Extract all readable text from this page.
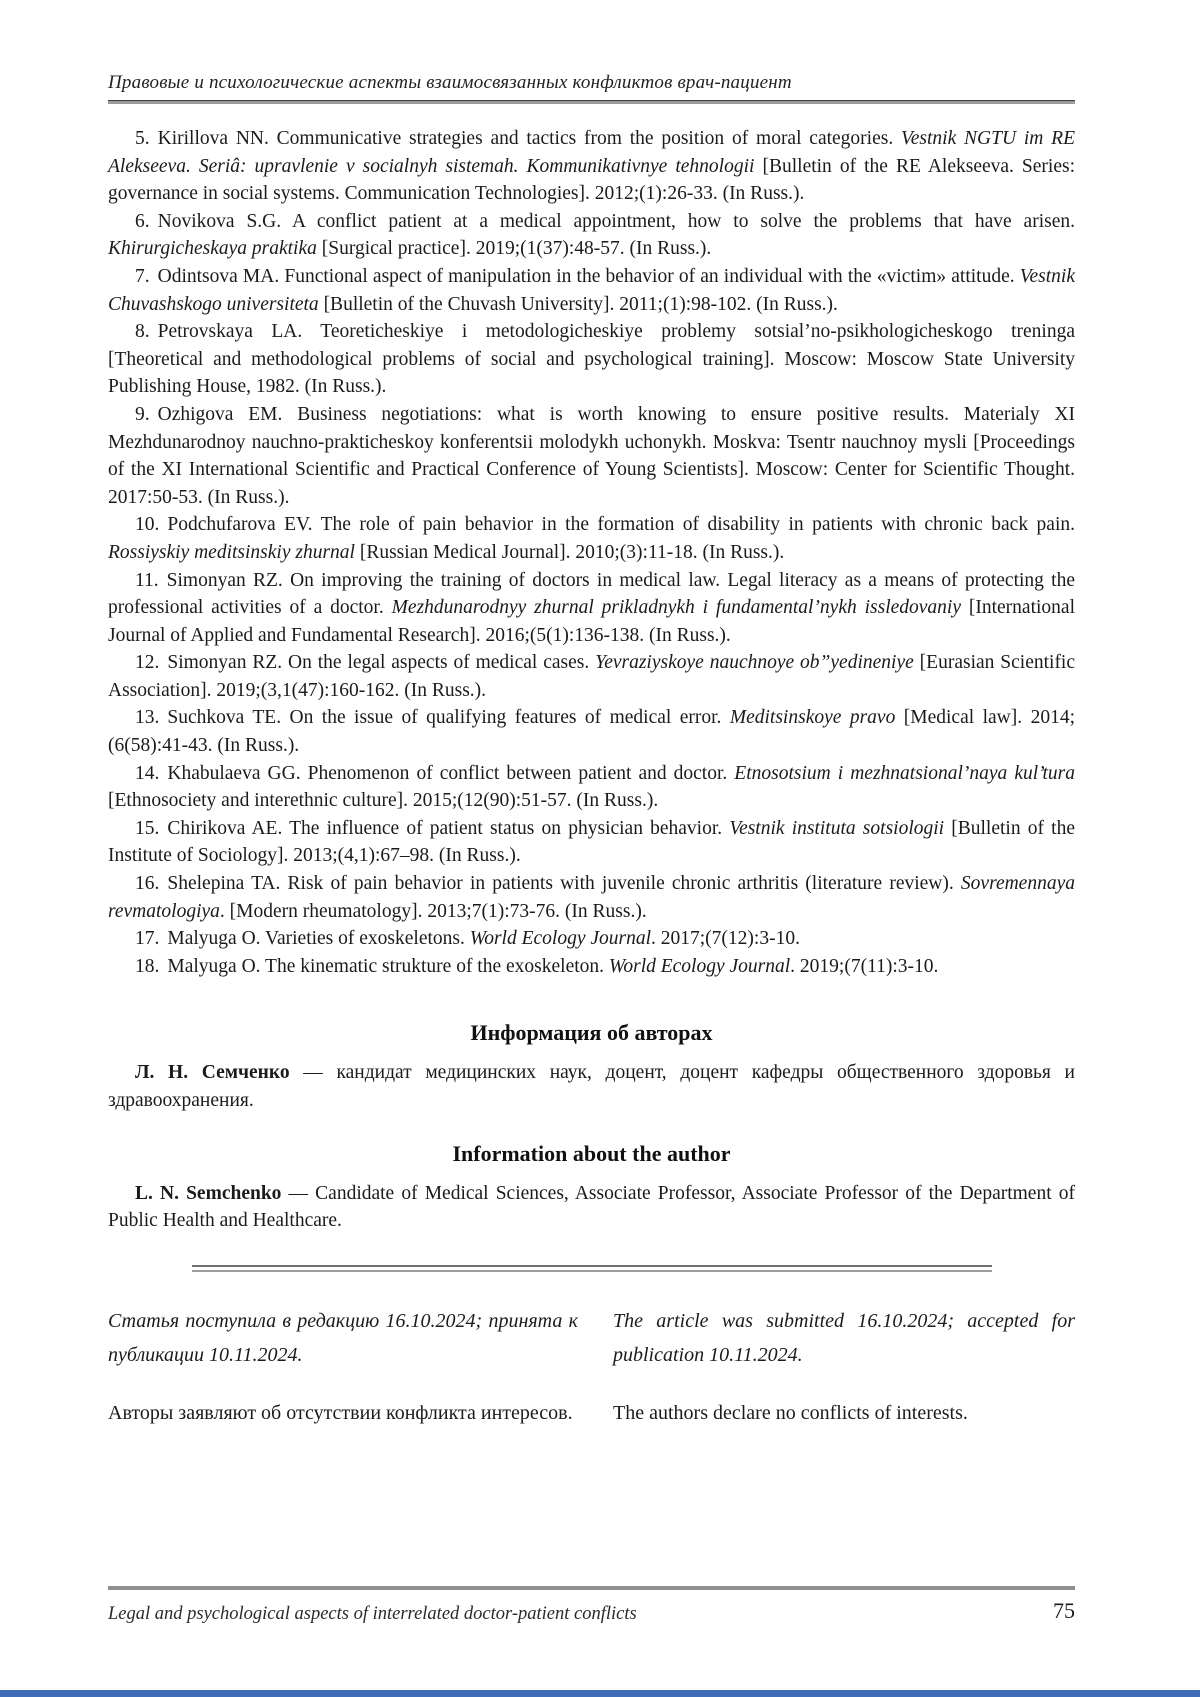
Правовые и психологические аспекты взаимосвязанных конфликтов врач-пациент

5. Kirillova NN. Communicative strategies and tactics from the position of moral categories. Vestnik NGTU im RE Alekseeva. Seriâ: upravlenie v socialnyh sistemah. Kommunikativnye tehnologii [Bulletin of the RE Alekseeva. Series: governance in social systems. Communication Technologies]. 2012;(1):26-33. (In Russ.).

6. Novikova S.G. A conflict patient at a medical appointment, how to solve the problems that have arisen. Khirurgicheskaya praktika [Surgical practice]. 2019;(1(37):48-57. (In Russ.).

7. Odintsova MA. Functional aspect of manipulation in the behavior of an individual with the «victim» attitude. Vestnik Chuvashskogo universiteta [Bulletin of the Chuvash University]. 2011;(1):98-102. (In Russ.).

8. Petrovskaya LA. Teoreticheskiye i metodologicheskiye problemy sotsial’no-psikhologicheskogo treninga [Theoretical and methodological problems of social and psychological training]. Moscow: Moscow State University Publishing House, 1982. (In Russ.).

9. Ozhigova EM. Business negotiations: what is worth knowing to ensure positive results. Materialy XI Mezhdunarodnoy nauchno-prakticheskoy konferentsii molodykh uchonykh. Moskva: Tsentr nauchnoy mysli [Proceedings of the XI International Scientific and Practical Conference of Young Scientists]. Moscow: Center for Scientific Thought. 2017:50-53. (In Russ.).

10. Podchufarova EV. The role of pain behavior in the formation of disability in patients with chronic back pain. Rossiyskiy meditsinskiy zhurnal [Russian Medical Journal]. 2010;(3):11-18. (In Russ.).

11. Simonyan RZ. On improving the training of doctors in medical law. Legal literacy as a means of protecting the professional activities of a doctor. Mezhdunarodnyy zhurnal prikladnykh i fundamental’nykh issledovaniy [International Journal of Applied and Fundamental Research]. 2016;(5(1):136-138. (In Russ.).

12. Simonyan RZ. On the legal aspects of medical cases. Yevraziyskoye nauchnoye ob”yedineniye [Eurasian Scientific Association]. 2019;(3,1(47):160-162. (In Russ.).

13. Suchkova TE. On the issue of qualifying features of medical error. Meditsinskoye pravo [Medical law]. 2014;(6(58):41-43. (In Russ.).

14. Khabulaeva GG. Phenomenon of conflict between patient and doctor. Etnosotsium i mezhnatsional’naya kul’tura [Ethnosociety and interethnic culture]. 2015;(12(90):51-57. (In Russ.).

15. Chirikova AE. The influence of patient status on physician behavior. Vestnik instituta sotsiologii [Bulletin of the Institute of Sociology]. 2013;(4,1):67–98. (In Russ.).

16. Shelepina TA. Risk of pain behavior in patients with juvenile chronic arthritis (literature review). Sovremennaya revmatologiya. [Modern rheumatology]. 2013;7(1):73-76. (In Russ.).

17. Malyuga O. Varieties of exoskeletons. World Ecology Journal. 2017;(7(12):3-10.

18. Malyuga O. The kinematic strukture of the exoskeleton. World Ecology Journal. 2019;(7(11):3-10.

Информация об авторах

Л. Н. Семченко — кандидат медицинских наук, доцент, доцент кафедры общественного здоровья и здравоохранения.

Information about the author

L. N. Semchenko — Candidate of Medical Sciences, Associate Professor, Associate Professor of the Department of Public Health and Healthcare.

Статья поступила в редакцию 16.10.2024; принята к публикации 10.11.2024.

The article was submitted 16.10.2024; accepted for publication 10.11.2024.

Авторы заявляют об отсутствии конфликта интересов. The authors declare no conflicts of interests.

Legal and psychological aspects of interrelated doctor-patient conflicts	75
